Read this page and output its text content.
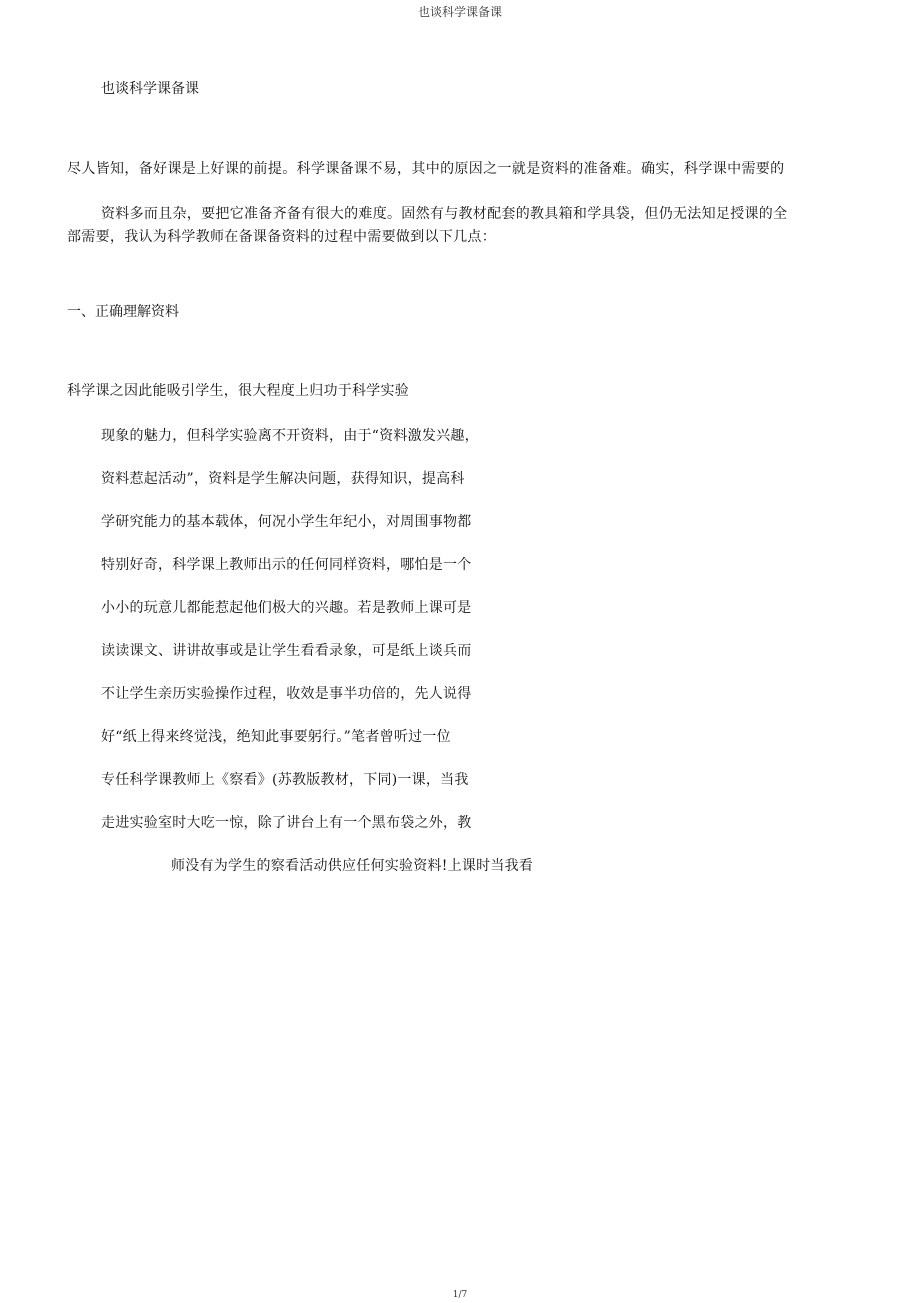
也谈科学课备课
也谈科学课备课
尽人皆知，备好课是上好课的前提。科学课备课不易，其中的原因之一就是资料的准备难。确实，科学课中需要的
资料多而且杂，要把它准备齐备有很大的难度。固然有与教材配套的教具箱和学具袋，但仍无法知足授课的全
部需要，我认为科学教师在备课备资料的过程中需要做到以下几点：
一、正确理解资料
科学课之因此能吸引学生，很大程度上归功于科学实验
现象的魅力，但科学实验离不开资料，由于“资料激发兴趣，
资料惹起活动”，资料是学生解决问题，获得知识，提高科
学研究能力的基本载体，何况小学生年纪小，对周围事物都
特别好奇，科学课上教师出示的任何同样资料，哪怕是一个
小小的玩意儿都能惹起他们极大的兴趣。若是教师上课可是
读读课文、讲讲故事或是让学生看看录象，可是纸上谈兵而
不让学生亲历实验操作过程，收效是事半功倍的，先人说得
好“纸上得来终觉浅，绝知此事要躬行。”笔者曾听过一位
专任科学课教师上《察看》(苏教版教材，下同)一课，当我
走进实验室时大吃一惊，除了讲台上有一个黑布袋之外，教
师没有为学生的察看活动供应任何实验资料!上课时当我看
1/7
